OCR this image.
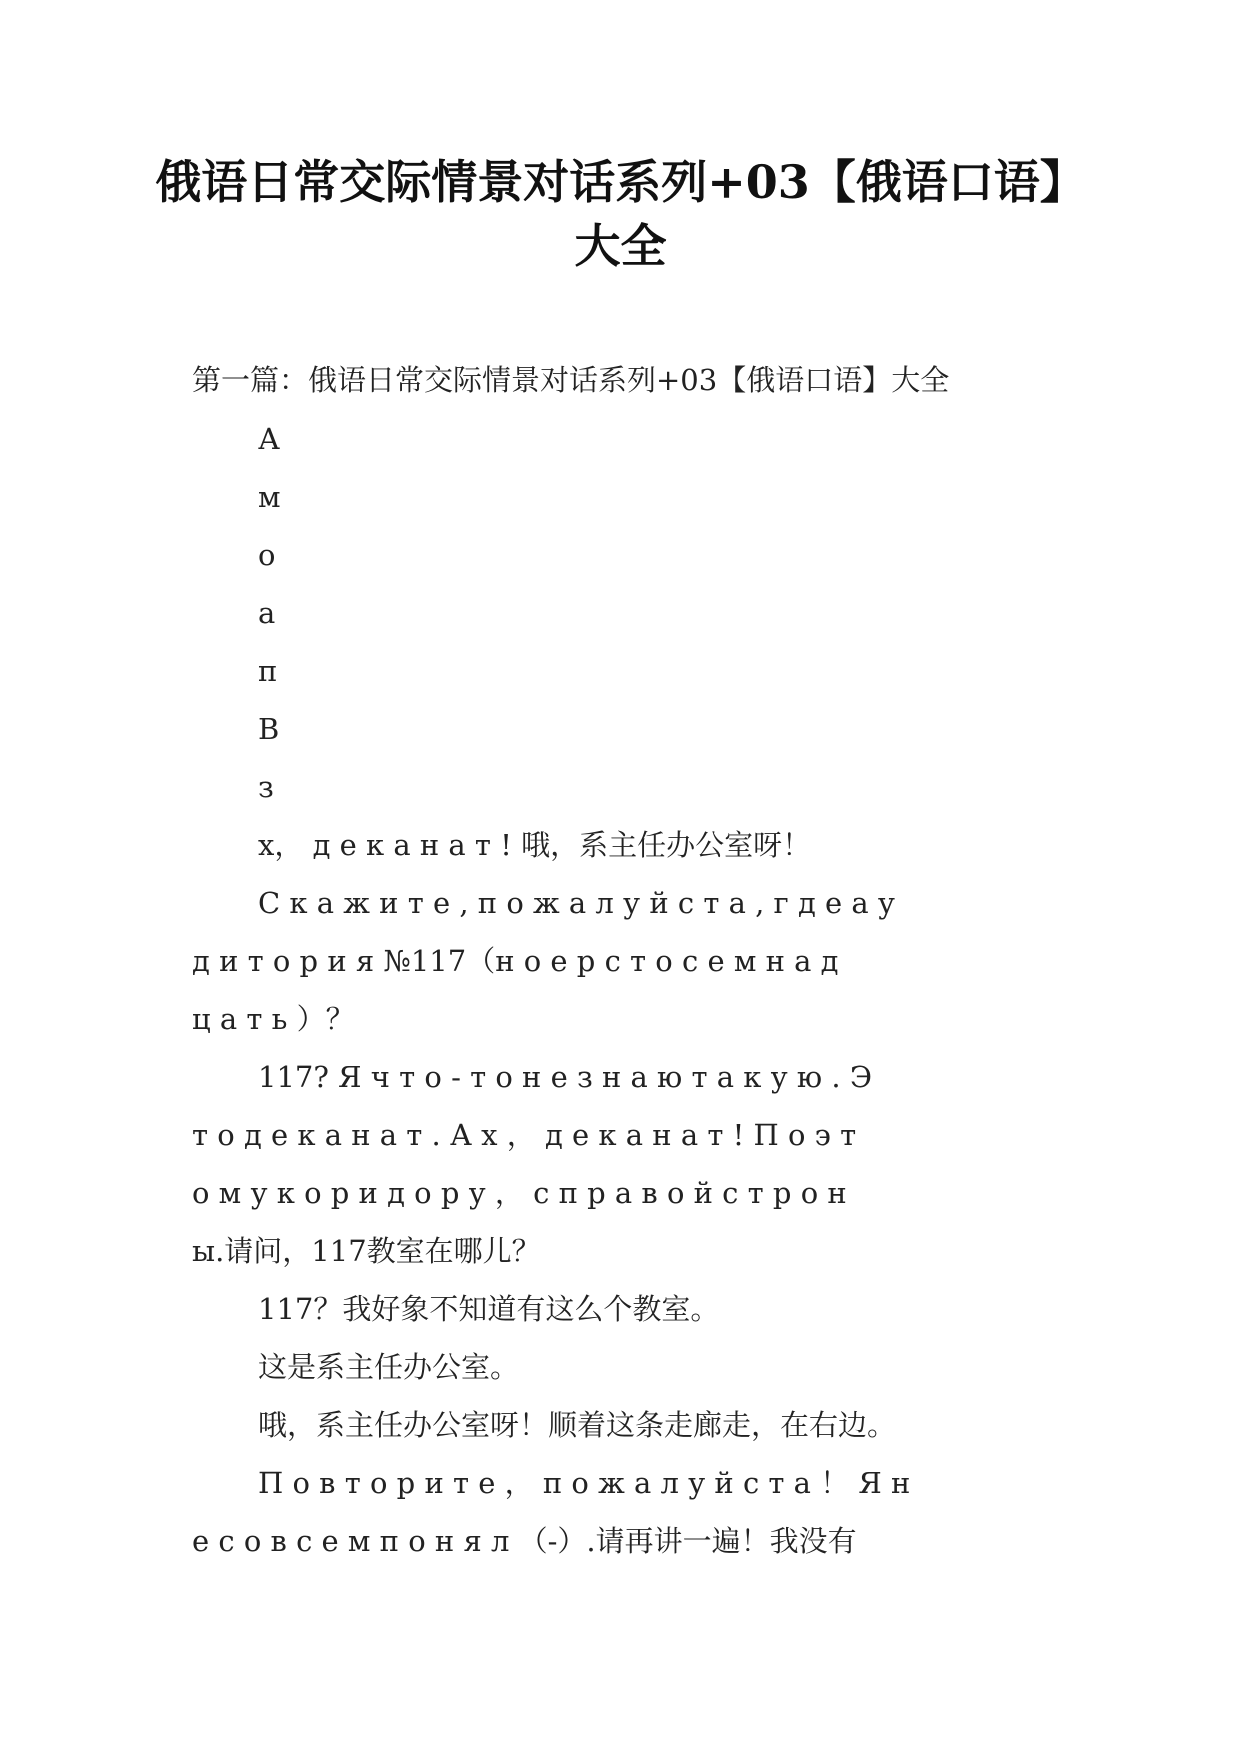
俄语日常交际情景对话系列+03【俄语口语】
大全
第一篇：俄语日常交际情景对话系列+03【俄语口语】大全
А
м
о
а
п
В
з
х， д е к а н а т ! 哦，系主任办公室呀！
С к а ж и т е , п о ж а л у й с т а , г д е а у
д и т о р и я №117（н о е р с т о с е м н а д
ц а т ь ）？
117? Я ч т о - т о н е з н а ю т а к у ю . Э
т о д е к а н а т . А х ， д е к а н а т ! П о э т
о м у к о р и д о р у ， с п р а в о й с т р о н
ы.请问，117教室在哪儿？
117？我好象不知道有这么个教室。
这是系主任办公室。
哦，系主任办公室呀！顺着这条走廊走，在右边。
П о в т о р и т е ， п о ж а л у й с т а ！ Я н
е с о в с е м п о н я л （-）.请再讲一遍！我没有
